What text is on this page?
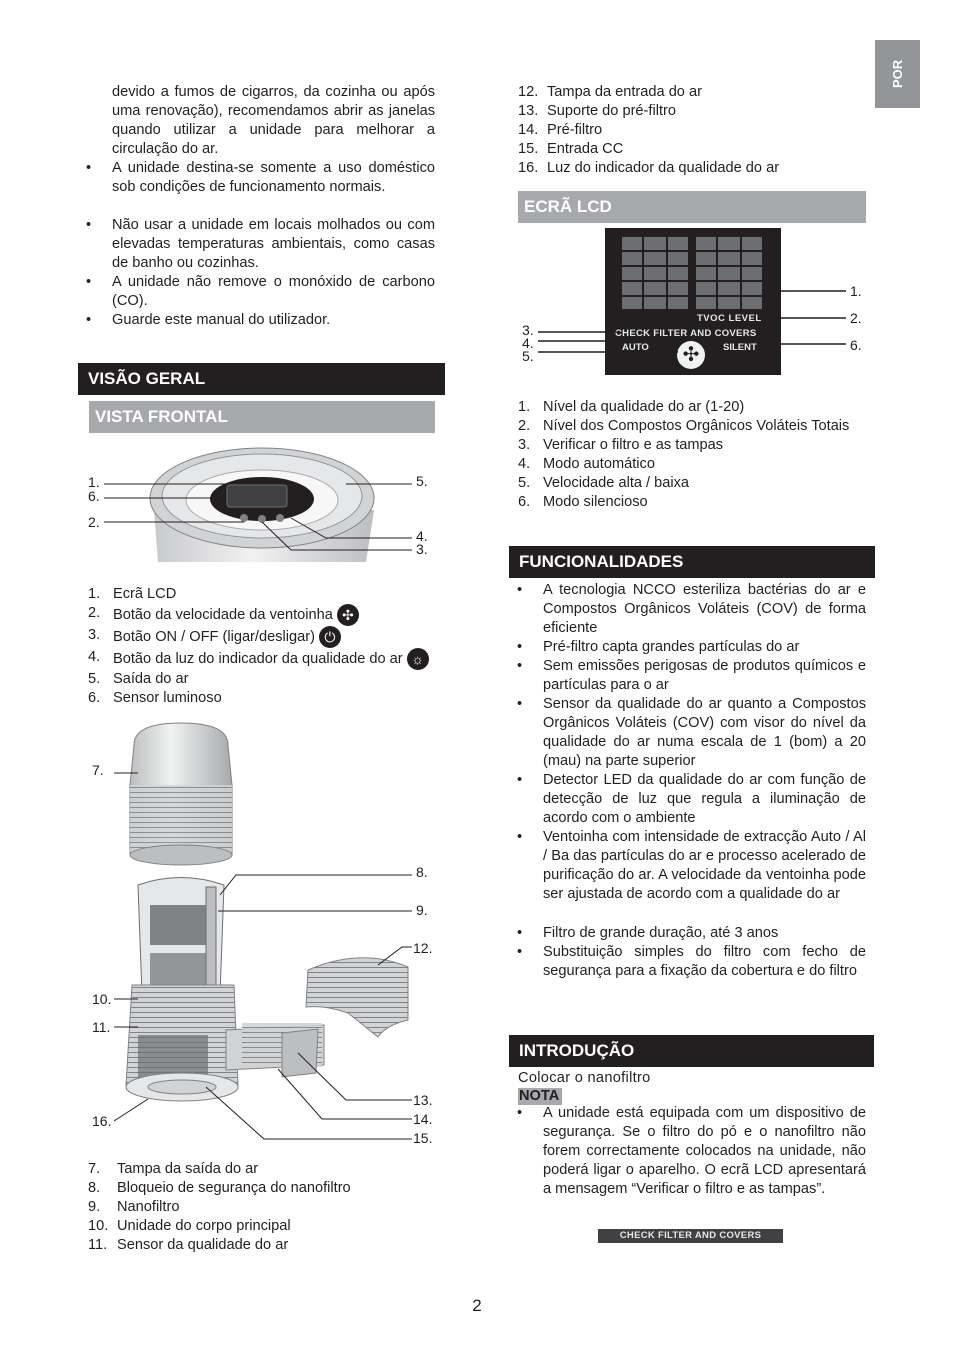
POR
devido a fumos de cigarros, da cozinha ou após uma renovação), recomendamos abrir as janelas quando utilizar a unidade para melhorar a circulação do ar.
• A unidade destina-se somente a uso doméstico sob condições de funcionamento normais.
• Não usar a unidade em locais molhados ou com elevadas temperaturas ambientais, como casas de banho ou cozinhas.
• A unidade não remove o monóxido de carbono (CO).
• Guarde este manual do utilizador.
VISÃO GERAL
VISTA FRONTAL
1.
6.
2.
5.
4.
3.
1. Ecrã LCD
2. Botão da velocidade da ventoinha ✣
3. Botão ON / OFF (ligar/desligar) ⏻
4. Botão da luz do indicador da qualidade do ar ☼
5. Saída do ar
6. Sensor luminoso
7.
8.
9.
12.
10.
11.
16.
13.
14.
15.
7. Tampa da saída do ar
8. Bloqueio de segurança do nanofiltro
9. Nanofiltro
10. Unidade do corpo principal
11. Sensor da qualidade do ar
12. Tampa da entrada do ar
13. Suporte do pré-filtro
14. Pré-filtro
15. Entrada CC
16. Luz do indicador da qualidade do ar
ECRÃ LCD
TVOC LEVEL
CHECK FILTER AND COVERS
AUTO	SILENT
✣
3.
4.
5.
1.
2.
6.
1. Nível da qualidade do ar (1-20)
2. Nível dos Compostos Orgânicos Voláteis Totais
3. Verificar o filtro e as tampas
4. Modo automático
5. Velocidade alta / baixa
6. Modo silencioso
FUNCIONALIDADES
• A tecnologia NCCO esteriliza bactérias do ar e Compostos Orgânicos Voláteis (COV) de forma eficiente
• Pré-filtro capta grandes partículas do ar
• Sem emissões perigosas de produtos químicos e partículas para o ar
• Sensor da qualidade do ar quanto a Compostos Orgânicos Voláteis (COV) com visor do nível da qualidade do ar numa escala de 1 (bom) a 20 (mau) na parte superior
• Detector LED da qualidade do ar com função de detecção de luz que regula a iluminação de acordo com o ambiente
• Ventoinha com intensidade de extracção Auto / Al / Ba das partículas do ar e processo acelerado de purificação do ar. A velocidade da ventoinha pode ser ajustada de acordo com a qualidade do ar
• Filtro de grande duração, até 3 anos
• Substituição simples do filtro com fecho de segurança para a fixação da cobertura e do filtro
INTRODUÇÃO
Colocar o nanofiltro
NOTA
• A unidade está equipada com um dispositivo de segurança. Se o filtro do pó e o nanofiltro não forem correctamente colocados na unidade, não poderá ligar o aparelho. O ecrã LCD apresentará a mensagem “Verificar o filtro e as tampas”.
CHECK FILTER AND COVERS
2
